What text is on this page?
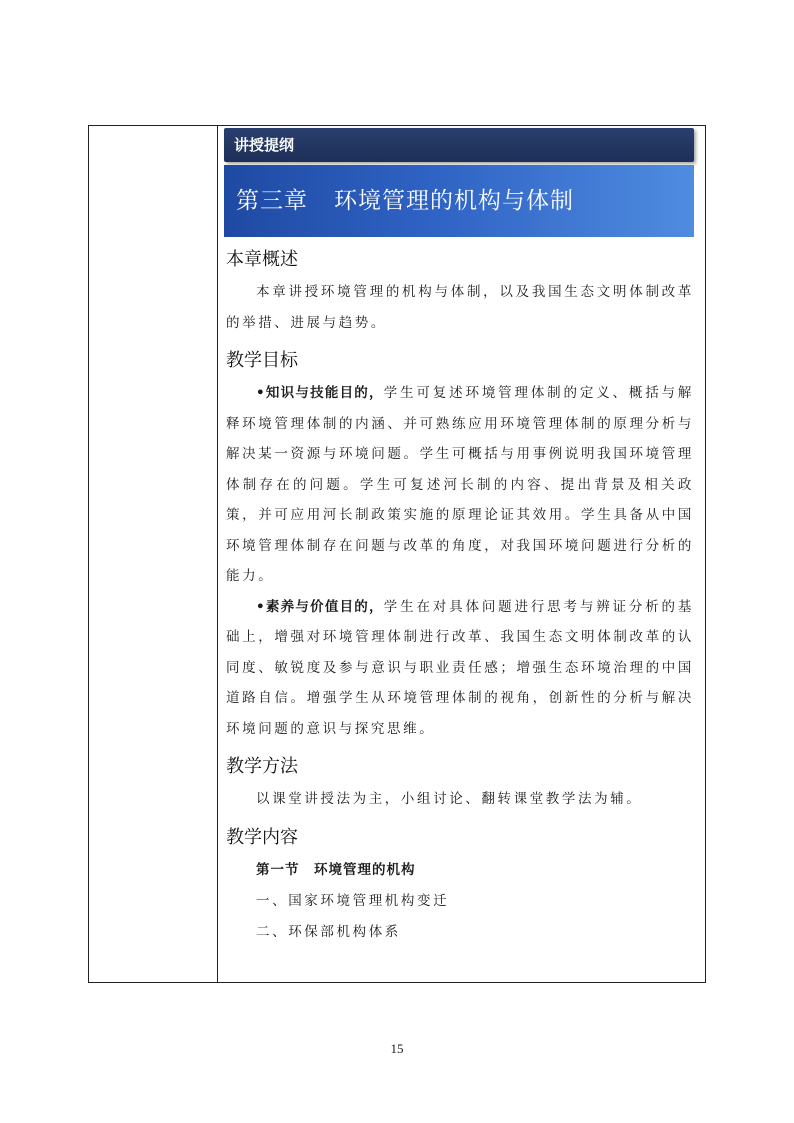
讲授提纲
第三章 环境管理的机构与体制
本章概述

本章讲授环境管理的机构与体制，以及我国生态文明体制改革的举措、进展与趋势。

教学目标

•知识与技能目的，学生可复述环境管理体制的定义、概括与解释环境管理体制的内涵、并可熟练应用环境管理体制的原理分析与解决某一资源与环境问题。学生可概括与用事例说明我国环境管理体制存在的问题。学生可复述河长制的内容、提出背景及相关政策，并可应用河长制政策实施的原理论证其效用。学生具备从中国环境管理体制存在问题与改革的角度，对我国环境问题进行分析的能力。

•素养与价值目的，学生在对具体问题进行思考与辨证分析的基础上，增强对环境管理体制进行改革、我国生态文明体制改革的认同度、敏锐度及参与意识与职业责任感；增强生态环境治理的中国道路自信。增强学生从环境管理体制的视角，创新性的分析与解决环境问题的意识与探究思维。

教学方法

以课堂讲授法为主，小组讨论、翻转课堂教学法为辅。

教学内容
第一节　环境管理的机构
一、国家环境管理机构变迁
二、环保部机构体系
15
